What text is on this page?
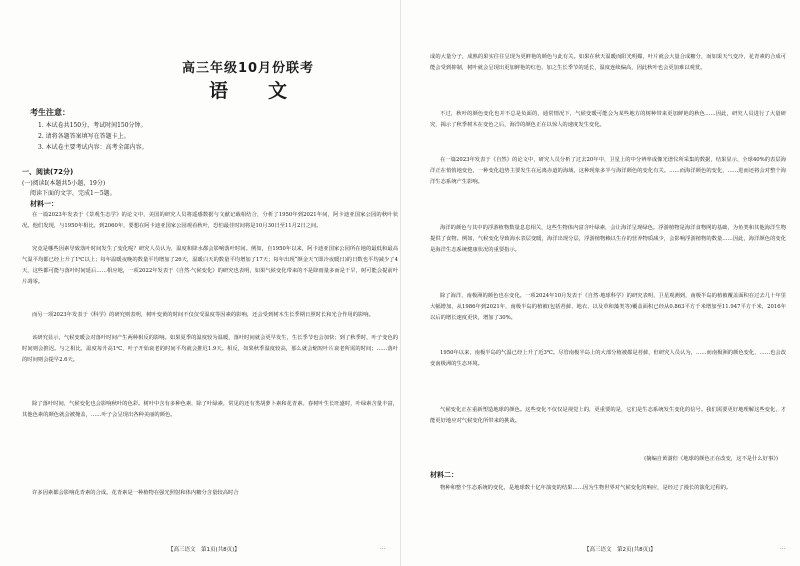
高三年级10月份联考
语文
考生注意：

1. 本试卷共150分，考试时间150分钟。

2. 请将各题答案填写在答题卡上。

3. 本试卷主要考试内容：高考全部内容。

一、阅读(72分)
(一)阅读Ⅰ(本题共5小题，19分)
阅读下面的文字，完成1～5题。
材料一：

在一篇2023年发表于《景观生态学》的论文中，美国的研究人员将遥感数据与文献记载相结合，分析了1950年到2021年间，阿卡迪亚国家公园的秋叶状况。他们发现，与1950年相比，到2060年，要想在阿卡迪亚国家公园观看秋叶，恐怕最佳时间将是10月30日至11月2日之间。

究竟是哪些因素导致落叶时间发生了变化呢？研究人员认为，温度和降水都会影响落叶时间。例如，自1950年以来，阿卡迪亚国家公园所在地的最低和最高气温平均都已经上升了1℃以上；每年温暖夜晚的数量平均增加了26天，温暖白天的数量平均增加了17天；每年出现“颜金天”(即冷夜暖日)的日数也平均减少了4天，这些都可能与落叶时间延后……相应地，一项2022年发表于《自然·气候变化》的研究也表明，如果气候变化带来的不是降雨量多而是干旱，树可能会提前叶片凋零。

而另一项2023年发表于《科学》的研究则表明，树叶变黄的时间不仅仅受温度等因素的影响，还会受到树木生长季期日照时长和光合作用的影响。

该研究显示，气候变暖会对落叶时间产生两种相反的影响。如果夏季的温度较为温暖，落叶时间就会更早发生，生长季节也会加快；到了秋季时，叶子变色的时间则会推迟。与之相比，温度每升高1℃，叶子开始衰老的时间平均就会推迟1.9天。相反，如果秋季温度较高，那么就会缩短叶片衰老所需的时间；……落叶的时间则会提早2.6天。

除了落叶时间，气候变化也会影响秋叶的色彩。树叶中含有多种色素，除了叶绿素，常见的还有类胡萝卜素和花青素。春树叶生长旺盛时，叶绿素含量丰富，其他色素的颜色就会被掩盖，……叶子会呈现出各种美丽的颜色。

许多因素都会影响花青素的合成。花青素是一种植物在强光照射和体内糖分含量较高时合

【高三语文　第1页(共8页)】	...

成的大量分子，成熟的果实往往呈现为更鲜艳的颜色与此有关。如果在秋天温暖而阳光明媚，叶片就会大量合成糖分，而如果天气变冷，花青素的合成可能会受到抑制，树叶就会呈现出更加鲜艳的红色，加之生长季节的延长，温度连续偏高，因此秋叶也会更加难以观赏。

不过，秋叶的颜色变化也并不总是负面的，通常情况下，气候变暖可能会为某些地方的树种带来更加鲜艳的秋色……因此，研究人员进行了大量研究，揭示了秋季树木在变色之后，海洋的颜色正在以惊人的速度发生变化。

在一篇2023年发表于《自然》的论文中，研究人员分析了过去20年中，卫星上的中分辨率成像光谱仪所采集的数据，结果显示，全球40%的表层海洋正在悄悄地变色，一种变化趋势主要发生在远离赤道的海域，这种现象多半与海洋颜色的变化有关。……而海洋颜色的变化，……进而还将会对整个海洋生态系统产生影响。

海洋的颜色与其中的浮游植物数量息息相关，这些生物体内富含叶绿素，会让海洋呈现绿色。浮游植物是海洋食物网的基础，为鱼类和其他海洋生物提供了食物。例如，气候变化导致海水表层变暖，海洋出现分层，浮游植物赖以生存的营养物质减少，会影响浮游植物的数量……因此，海洋颜色的变化是海洋生态系统健康状况的重要指示。

除了海洋，南极洲的颜色也在变化。一项2024年10月发表于《自然·地球科学》的研究表明，卫星观测到，南极半岛的植被覆盖面积在过去几十年里大幅增加，从1986年到2021年，南极半岛的植被(包括苔藓、地衣、以及草和藻类等)覆盖面积已经从0.863平方千米增加至11.947平方千米，2016年以后的增长速度更快，增加了30%。

1950年以来，南极半岛的气温已经上升了近3℃。尽管南极半岛上的大部分植被都是苔藓，但研究人员认为，……而南极洲的颜色变化，……也会改变南极洲的生态环境。

气候变化正在重新塑造地球的颜色。这些变化不仅仅是视觉上的，更重要的是，它们是生态系统发生变化的信号。我们需要更好地理解这些变化，才能更好地应对气候变化所带来的挑战。

(摘编自黄澍但《地球的颜色正在改变，这不是什么好事》)
材料二：

物种和整个生态系统的变化，是地球数十亿年演变的结果……因为生物世界对气候变化的响应，是经过了漫长的演化过程的。

【高三语文　第2页(共8页)】	...
